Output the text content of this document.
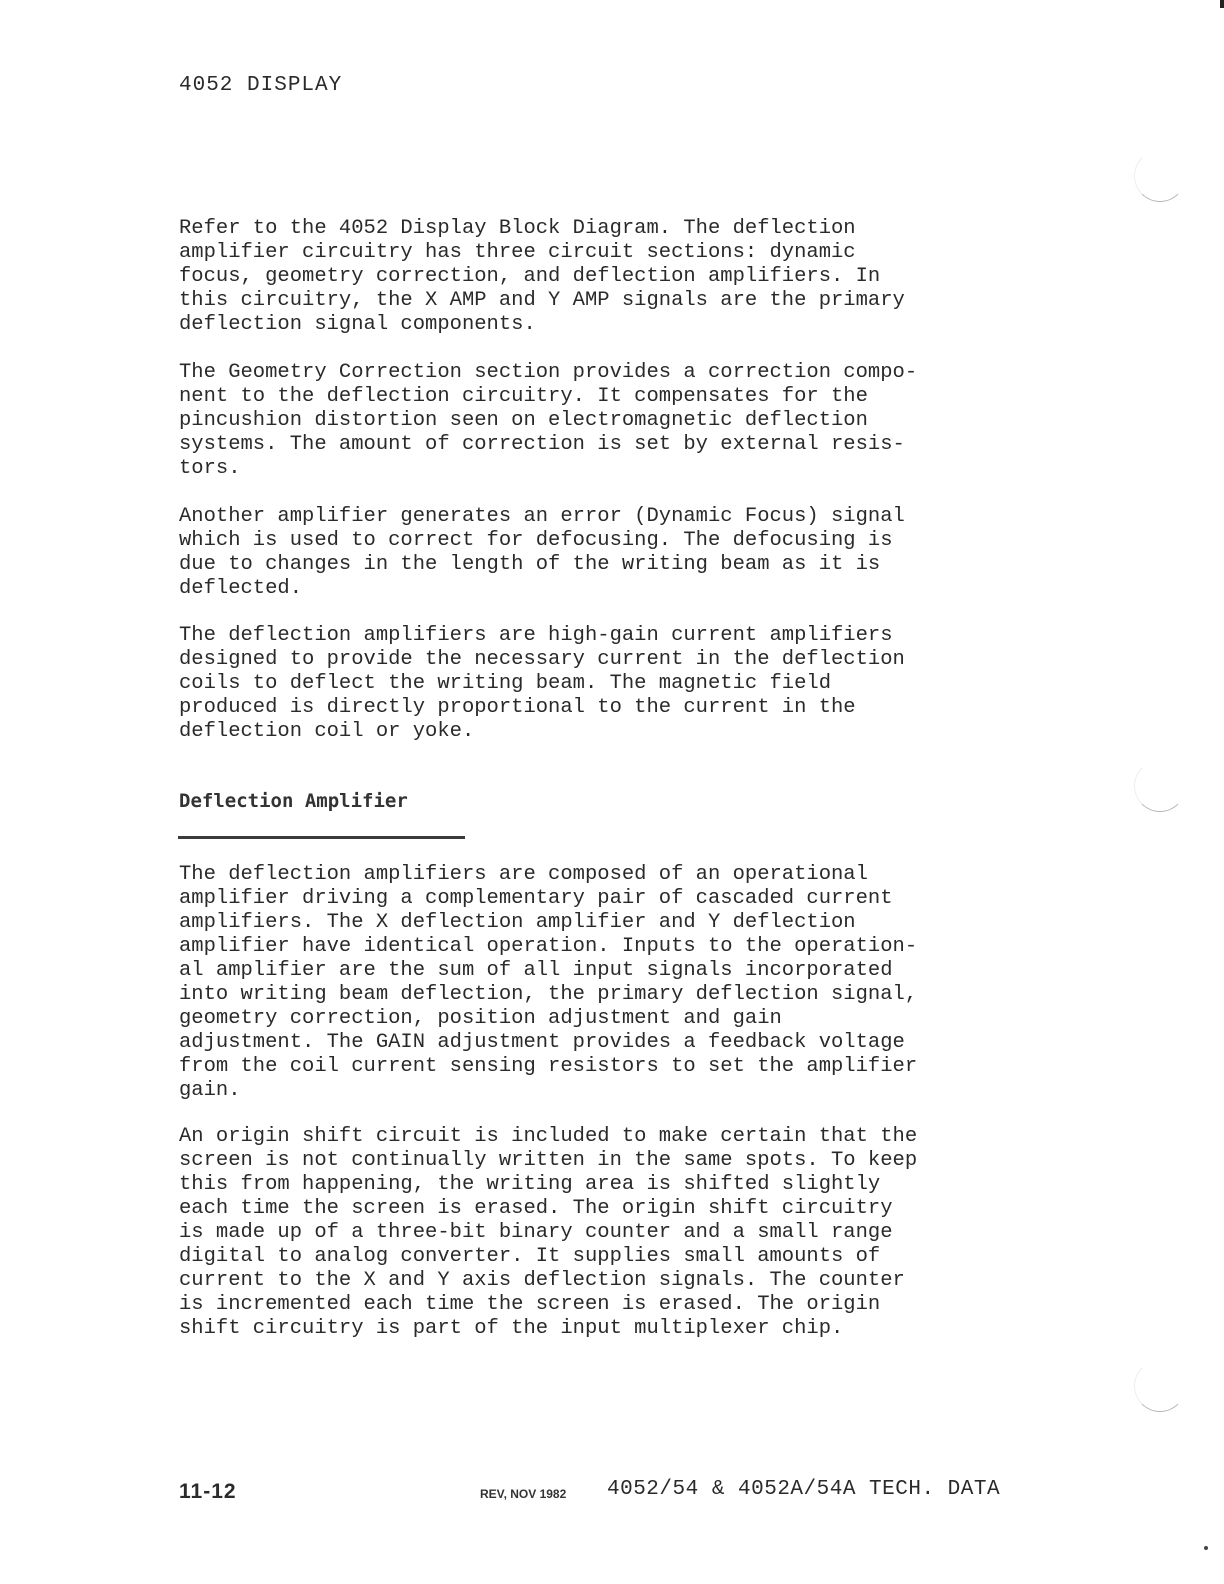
4052 DISPLAY

Refer to the 4052 Display Block Diagram. The deflection
amplifier circuitry has three circuit sections: dynamic
focus, geometry correction, and deflection amplifiers. In
this circuitry, the X AMP and Y AMP signals are the primary
deflection signal components.

The Geometry Correction section provides a correction compo-
nent to the deflection circuitry. It compensates for the
pincushion distortion seen on electromagnetic deflection
systems. The amount of correction is set by external resis-
tors.

Another amplifier generates an error (Dynamic Focus) signal
which is used to correct for defocusing. The defocusing is
due to changes in the length of the writing beam as it is
deflected.

The deflection amplifiers are high-gain current amplifiers
designed to provide the necessary current in the deflection
coils to deflect the writing beam. The magnetic field
produced is directly proportional to the current in the
deflection coil or yoke.

Deflection Amplifier

The deflection amplifiers are composed of an operational
amplifier driving a complementary pair of cascaded current
amplifiers. The X deflection amplifier and Y deflection
amplifier have identical operation. Inputs to the operation-
al amplifier are the sum of all input signals incorporated
into writing beam deflection, the primary deflection signal,
geometry correction, position adjustment and gain
adjustment. The GAIN adjustment provides a feedback voltage
from the coil current sensing resistors to set the amplifier
gain.

An origin shift circuit is included to make certain that the
screen is not continually written in the same spots. To keep
this from happening, the writing area is shifted slightly
each time the screen is erased. The origin shift circuitry
is made up of a three-bit binary counter and a small range
digital to analog converter. It supplies small amounts of
current to the X and Y axis deflection signals. The counter
is incremented each time the screen is erased. The origin
shift circuitry is part of the input multiplexer chip.

11-12	REV, NOV 1982 4052/54 & 4052A/54A TECH. DATA
